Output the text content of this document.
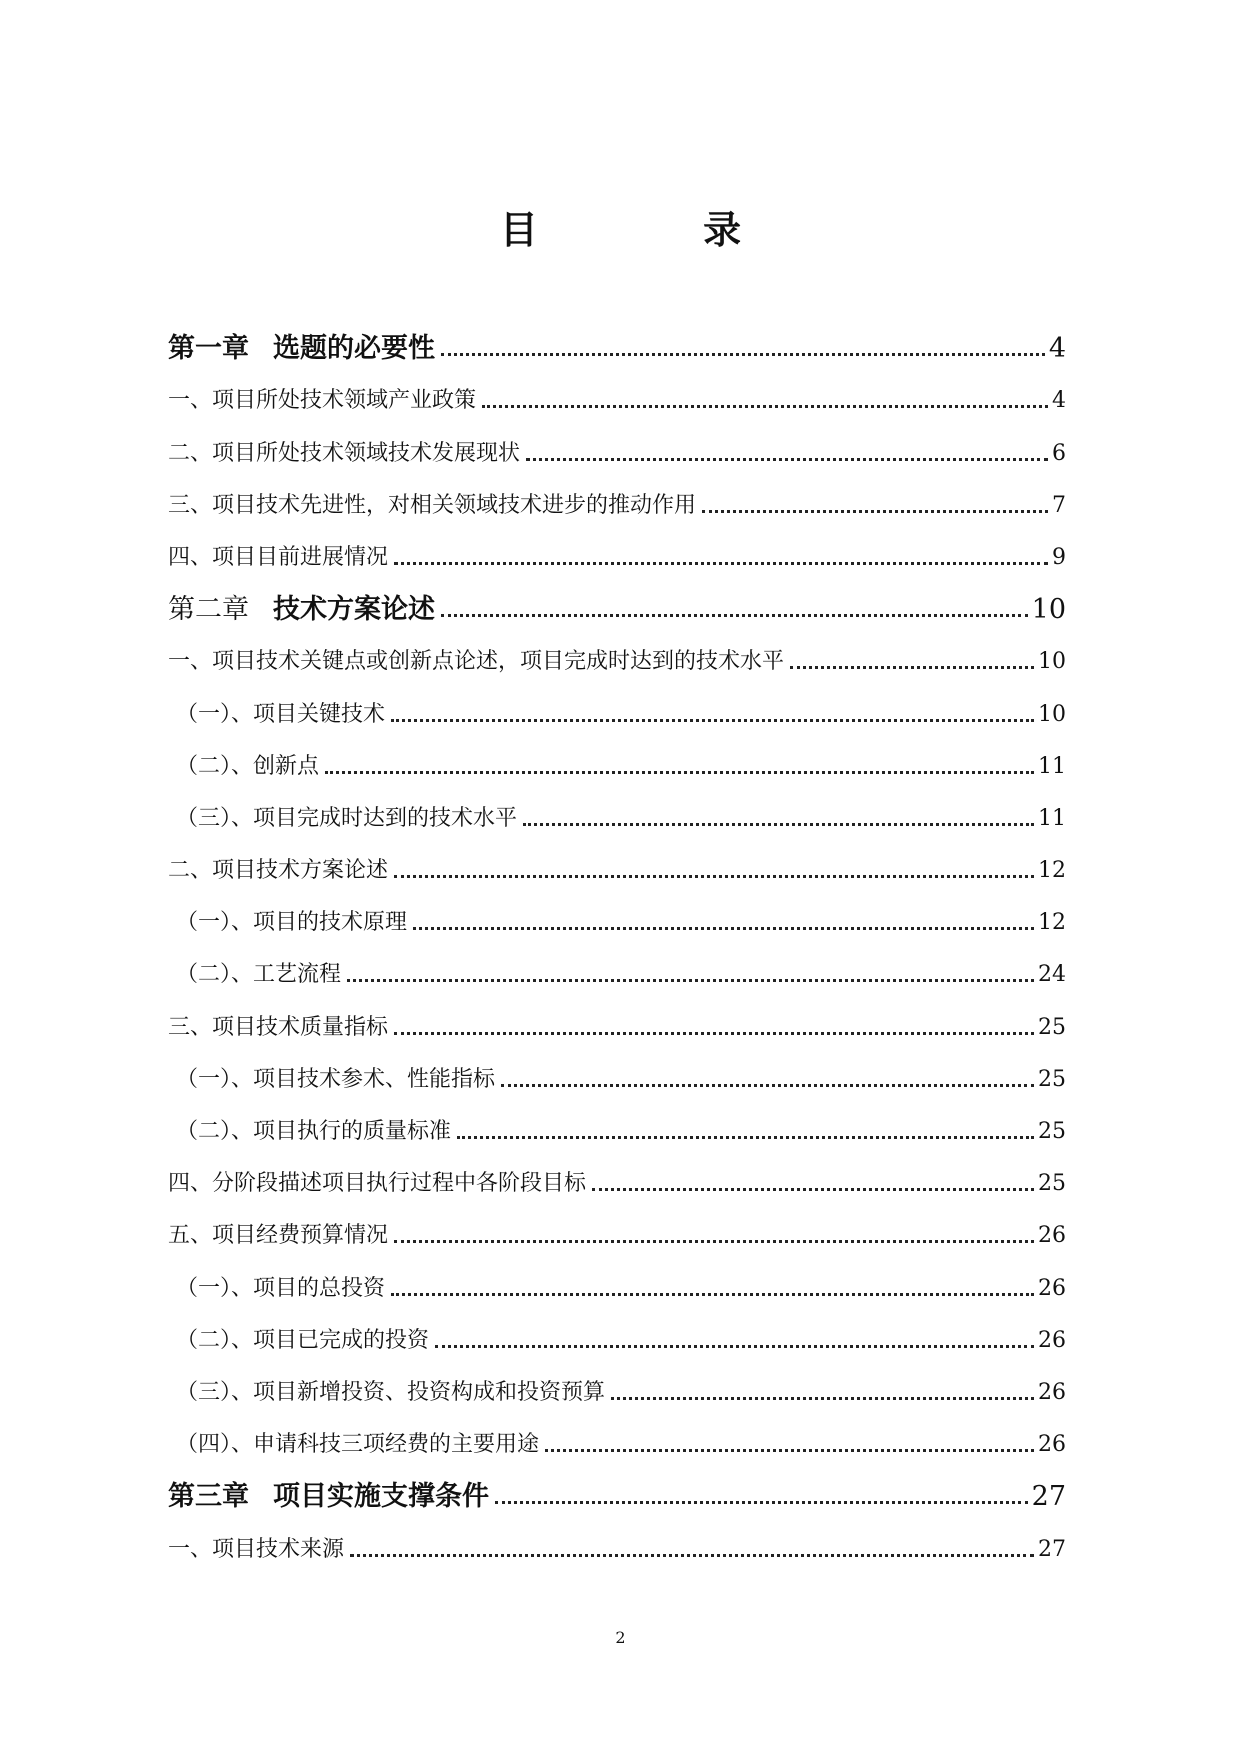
目 录
第一章 选题的必要性	4
一、项目所处技术领域产业政策	4
二、项目所处技术领域技术发展现状	6
三、项目技术先进性，对相关领域技术进步的推动作用	7
四、项目目前进展情况	9
第二章 技术方案论述	10
一、项目技术关键点或创新点论述，项目完成时达到的技术水平	10
（一）、项目关键技术	10
（二）、创新点	11
（三）、项目完成时达到的技术水平	11
二、项目技术方案论述	12
（一）、项目的技术原理	12
（二）、工艺流程	24
三、项目技术质量指标	25
（一）、项目技术参术、性能指标	25
（二）、项目执行的质量标准	25
四、分阶段描述项目执行过程中各阶段目标	25
五、项目经费预算情况	26
（一）、项目的总投资	26
（二）、项目已完成的投资	26
（三）、项目新增投资、投资构成和投资预算	26
（四）、申请科技三项经费的主要用途	26
第三章 项目实施支撑条件	27
一、项目技术来源	27
2
